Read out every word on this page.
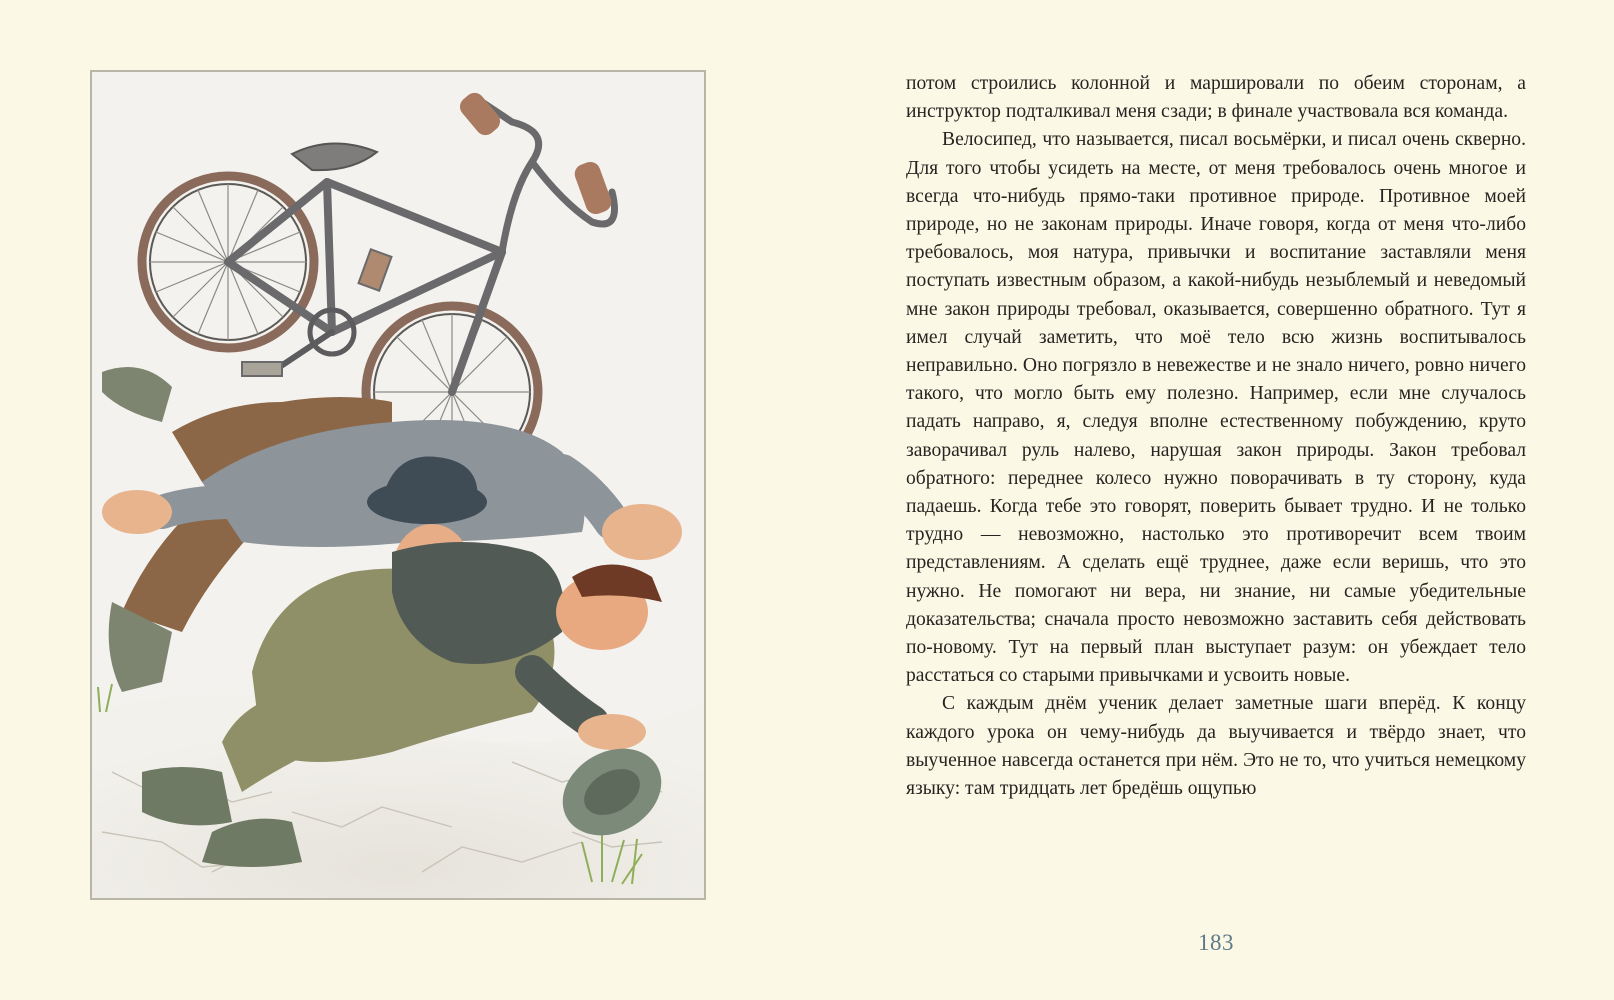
потом строились колонной и маршировали по обеим сторонам, а инструктор подталкивал меня сзади; в финале участвовала вся команда.

Велосипед, что называется, писал восьмёрки, и писал очень скверно. Для того чтобы усидеть на месте, от меня требовалось очень многое и всегда что-нибудь прямо-таки противное природе. Противное моей природе, но не законам природы. Иначе говоря, когда от меня что-либо требовалось, моя натура, привычки и воспитание заставляли меня поступать известным образом, а какой-нибудь незыблемый и неведомый мне закон природы требовал, оказывается, совершенно обратного. Тут я имел случай заметить, что моё тело всю жизнь воспитывалось неправильно. Оно погрязло в невежестве и не знало ничего, ровно ничего такого, что могло быть ему полезно. Например, если мне случалось падать направо, я, следуя вполне естественному побуждению, круто заворачивал руль налево, нарушая закон природы. Закон требовал обратного: переднее колесо нужно поворачивать в ту сторону, куда падаешь. Когда тебе это говорят, поверить бывает трудно. И не только трудно — невозможно, настолько это противоречит всем твоим представлениям. А сделать ещё труднее, даже если веришь, что это нужно. Не помогают ни вера, ни знание, ни самые убедительные доказательства; сначала просто невозможно заставить себя действовать по-новому. Тут на первый план выступает разум: он убеждает тело расстаться со старыми привычками и усвоить новые.

С каждым днём ученик делает заметные шаги вперёд. К концу каждого урока он чему-нибудь да выучивается и твёрдо знает, что выученное навсегда останется при нём. Это не то, что учиться немецкому языку: там тридцать лет бредёшь ощупью

183
